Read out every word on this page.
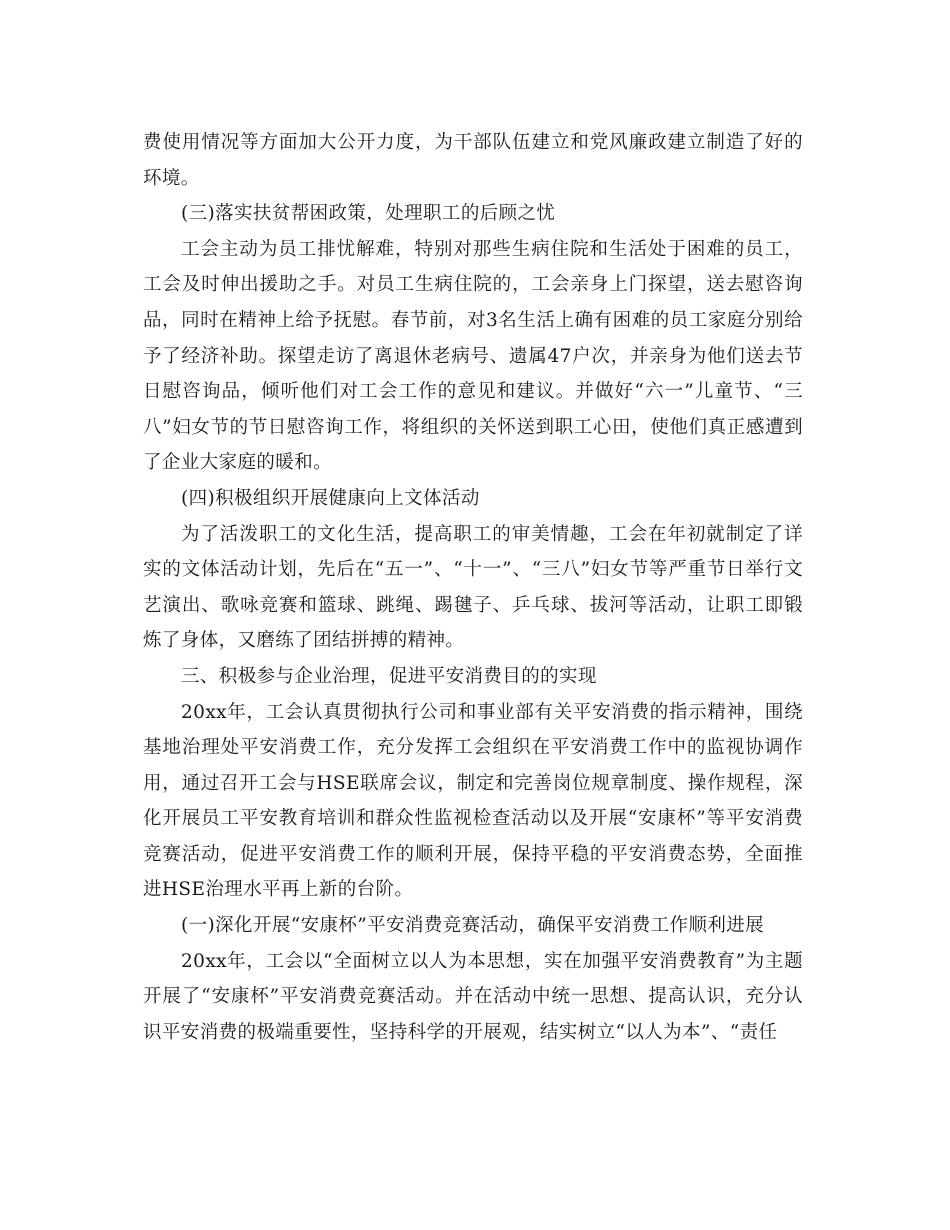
费使用情况等方面加大公开力度，为干部队伍建立和党风廉政建立制造了好的环境。

(三)落实扶贫帮困政策，处理职工的后顾之忧

工会主动为员工排忧解难，特别对那些生病住院和生活处于困难的员工，工会及时伸出援助之手。对员工生病住院的，工会亲身上门探望，送去慰咨询品，同时在精神上给予抚慰。春节前，对3名生活上确有困难的员工家庭分别给予了经济补助。探望走访了离退休老病号、遗属47户次，并亲身为他们送去节日慰咨询品，倾听他们对工会工作的意见和建议。并做好“六一”儿童节、“三八”妇女节的节日慰咨询工作，将组织的关怀送到职工心田，使他们真正感遭到了企业大家庭的暖和。

(四)积极组织开展健康向上文体活动

为了活泼职工的文化生活，提高职工的审美情趣，工会在年初就制定了详实的文体活动计划，先后在“五一”、“十一”、“三八”妇女节等严重节日举行文艺演出、歌咏竞赛和篮球、跳绳、踢毽子、乒乓球、拔河等活动，让职工即锻炼了身体，又磨练了团结拼搏的精神。

三、积极参与企业治理，促进平安消费目的的实现

20xx年，工会认真贯彻执行公司和事业部有关平安消费的指示精神，围绕基地治理处平安消费工作，充分发挥工会组织在平安消费工作中的监视协调作用，通过召开工会与HSE联席会议，制定和完善岗位规章制度、操作规程，深化开展员工平安教育培训和群众性监视检查活动以及开展“安康杯”等平安消费竞赛活动，促进平安消费工作的顺利开展，保持平稳的平安消费态势，全面推进HSE治理水平再上新的台阶。

(一)深化开展“安康杯”平安消费竞赛活动，确保平安消费工作顺利进展

20xx年，工会以“全面树立以人为本思想，实在加强平安消费教育”为主题开展了“安康杯”平安消费竞赛活动。并在活动中统一思想、提高认识，充分认识平安消费的极端重要性，坚持科学的开展观，结实树立“以人为本”、“责任
